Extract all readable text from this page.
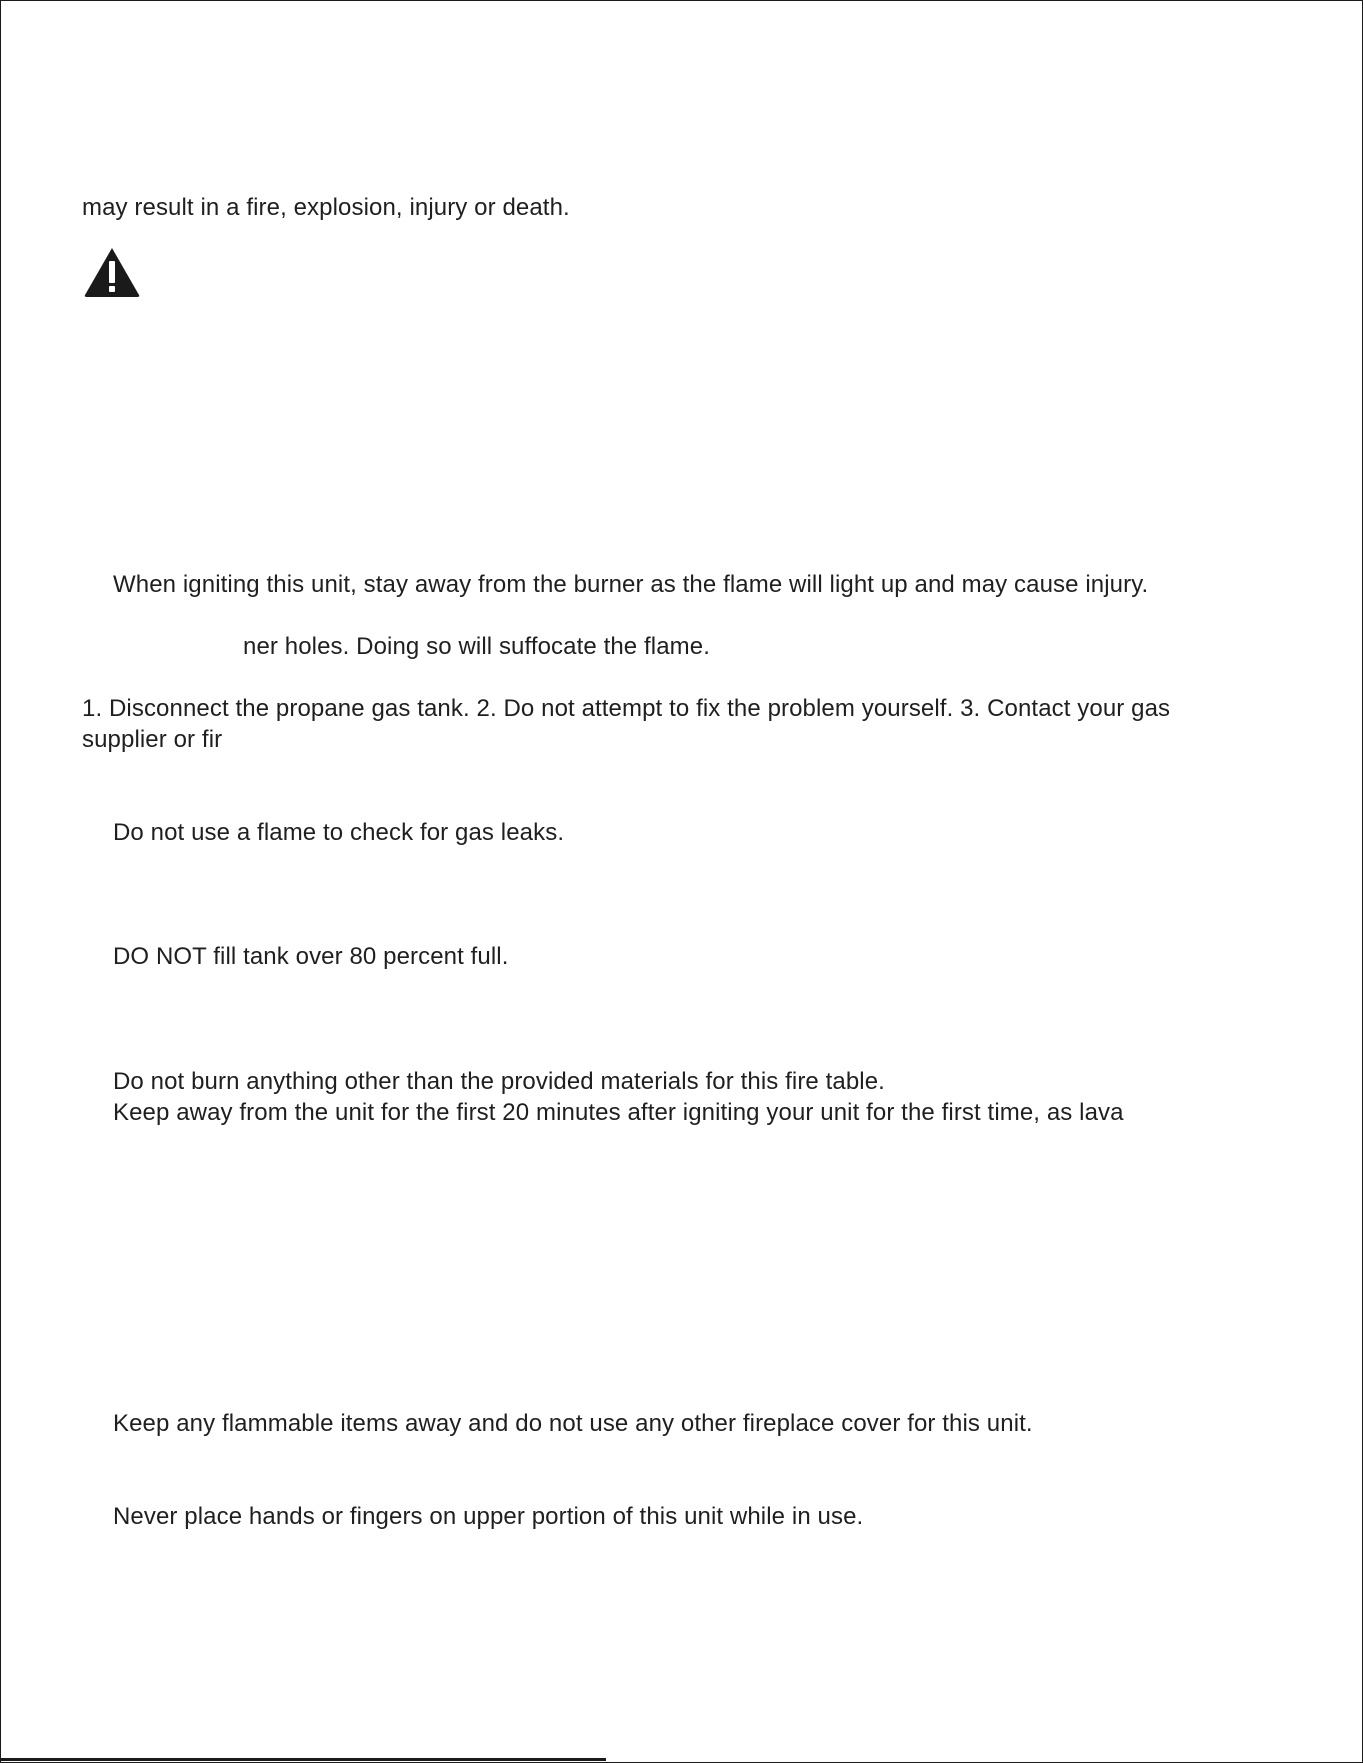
may result in a fire, explosion, injury or death.
When igniting this unit, stay away from the burner as the flame will light up and may cause injury.
ner holes. Doing so will suffocate the flame.
1. Disconnect the propane gas tank. 2. Do not attempt to fix the problem yourself. 3. Contact your gas
supplier or fir
Do not use a flame to check for gas leaks.
DO NOT fill tank over 80 percent full.
Do not burn anything other than the provided materials for this fire table.
Keep away from the unit for the first 20 minutes after igniting your unit for the first time, as lava
Keep any flammable items away and do not use any other fireplace cover for this unit.
Never place hands or fingers on upper portion of this unit while in use.
